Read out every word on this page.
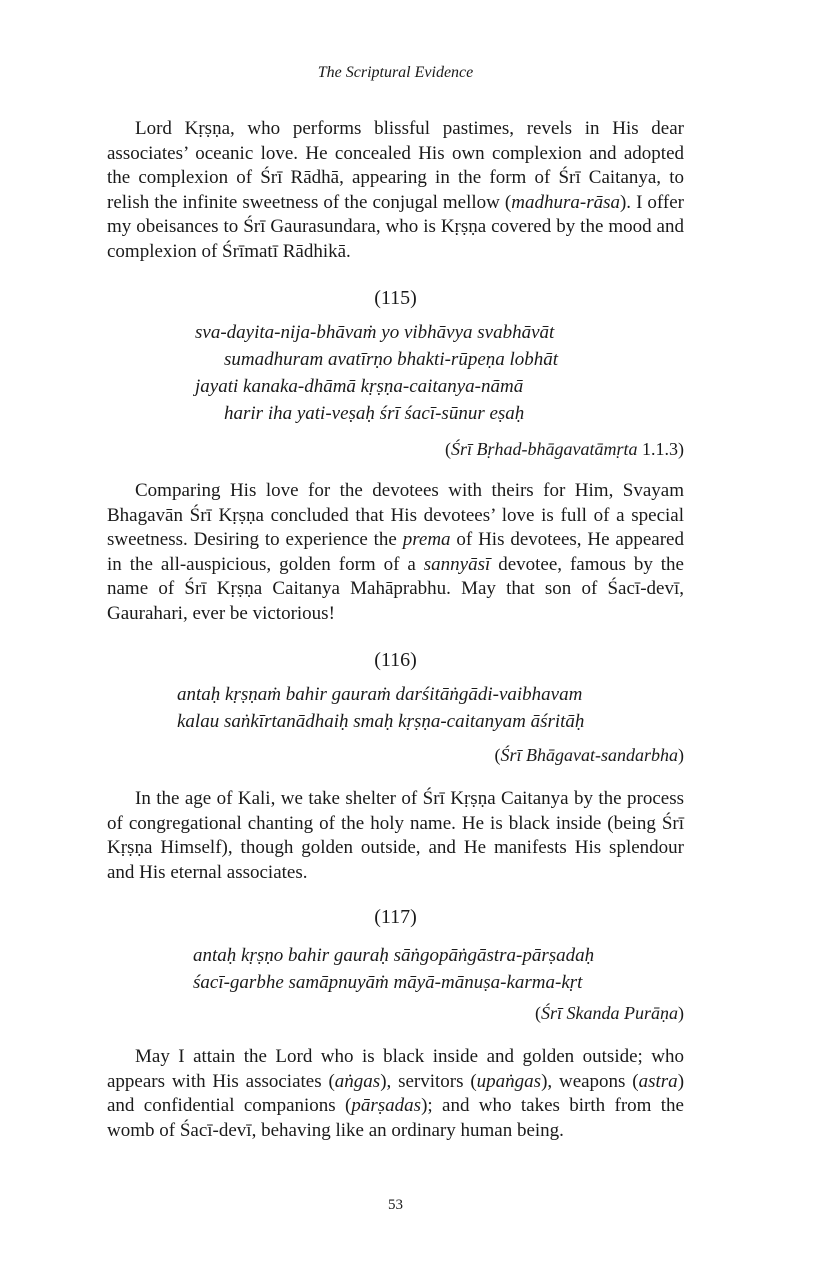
The Scriptural Evidence

Lord Kṛṣṇa, who performs blissful pastimes, revels in His dear associates’ oceanic love. He concealed His own complexion and adopted the complexion of Śrī Rādhā, appearing in the form of Śrī Caitanya, to relish the infinite sweetness of the conjugal mellow (madhura-rāsa). I offer my obeisances to Śrī Gaurasundara, who is Kṛṣṇa covered by the mood and complexion of Śrīmatī Rādhikā.

(115)
sva-dayita-nija-bhāvaṁ yo vibhāvya svabhāvāt
sumadhuram avatīrṇo bhakti-rūpeṇa lobhāt
jayati kanaka-dhāmā kṛṣṇa-caitanya-nāmā
harir iha yati-veṣaḥ śrī śacī-sūnur eṣaḥ
(Śrī Bṛhad-bhāgavatāmṛta 1.1.3)

Comparing His love for the devotees with theirs for Him, Svayam Bhagavān Śrī Kṛṣṇa concluded that His devotees’ love is full of a special sweetness. Desiring to experience the prema of His devotees, He appeared in the all-auspicious, golden form of a sannyāsī devotee, famous by the name of Śrī Kṛṣṇa Caitanya Mahāprabhu. May that son of Śacī-devī, Gaurahari, ever be victorious!

(116)
antaḥ kṛṣṇaṁ bahir gauraṁ darśitāṅgādi-vaibhavam
kalau saṅkīrtanādhaiḥ smaḥ kṛṣṇa-caitanyam āśritāḥ
(Śrī Bhāgavat-sandarbha)

In the age of Kali, we take shelter of Śrī Kṛṣṇa Caitanya by the process of congregational chanting of the holy name. He is black inside (being Śrī Kṛṣṇa Himself), though golden outside, and He manifests His splendour and His eternal associates.

(117)
antaḥ kṛṣṇo bahir gauraḥ sāṅgopāṅgāstra-pārṣadaḥ
śacī-garbhe samāpnuyāṁ māyā-mānuṣa-karma-kṛt
(Śrī Skanda Purāṇa)

May I attain the Lord who is black inside and golden outside; who appears with His associates (aṅgas), servitors (upaṅgas), weapons (astra) and confidential companions (pārṣadas); and who takes birth from the womb of Śacī-devī, behaving like an ordinary human being.

53
